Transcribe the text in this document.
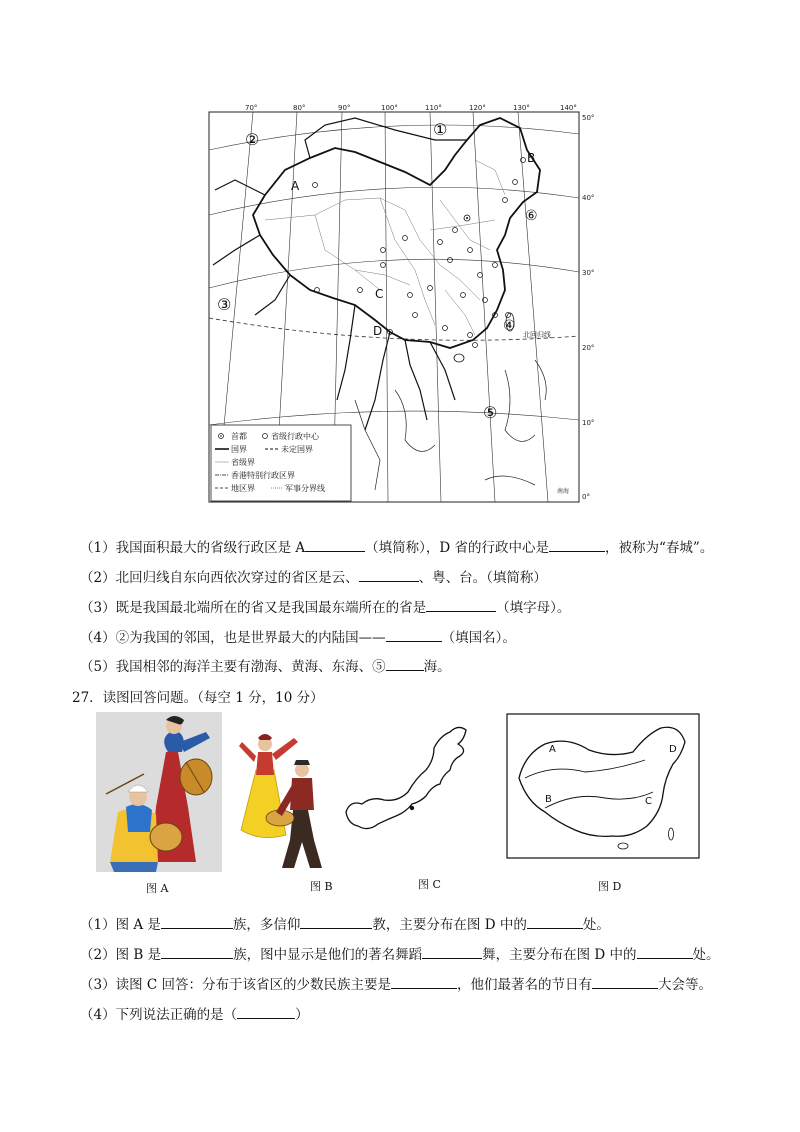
70°	80°	90°	100°	110°	120°	130°	140°
50°
40°
30°
20°
10°
0°
北回归线
A
B
C
D
①
②
③
④
⑤
⑥
南海
首都	省级行政中心
国界	未定国界
省级界
香港特别行政区界
地区界	军事分界线
（1）我国面积最大的省级行政区是 A	（填简称），D 省的行政中心是	，被称为“春城”。
（2）北回归线自东向西依次穿过的省区是云、	、粤、台。（填简称）
（3）既是我国最北端所在的省又是我国最东端所在的省是	（填字母）。
（4）②为我国的邻国，也是世界最大的内陆国——	（填国名）。
（5）我国相邻的海洋主要有渤海、黄海、东海、⑤	海。
27．读图回答问题。（每空 1 分，10 分）
图 A	图 B	图 C
A
B	C
D
图 D
（1）图 A 是	族，多信仰	教，主要分布在图 D 中的	处。
（2）图 B 是	族，图中显示是他们的著名舞蹈	舞，主要分布在图 D 中的	处。
（3）读图 C 回答：分布于该省区的少数民族主要是	，他们最著名的节日有	大会等。
（4）下列说法正确的是（	）
